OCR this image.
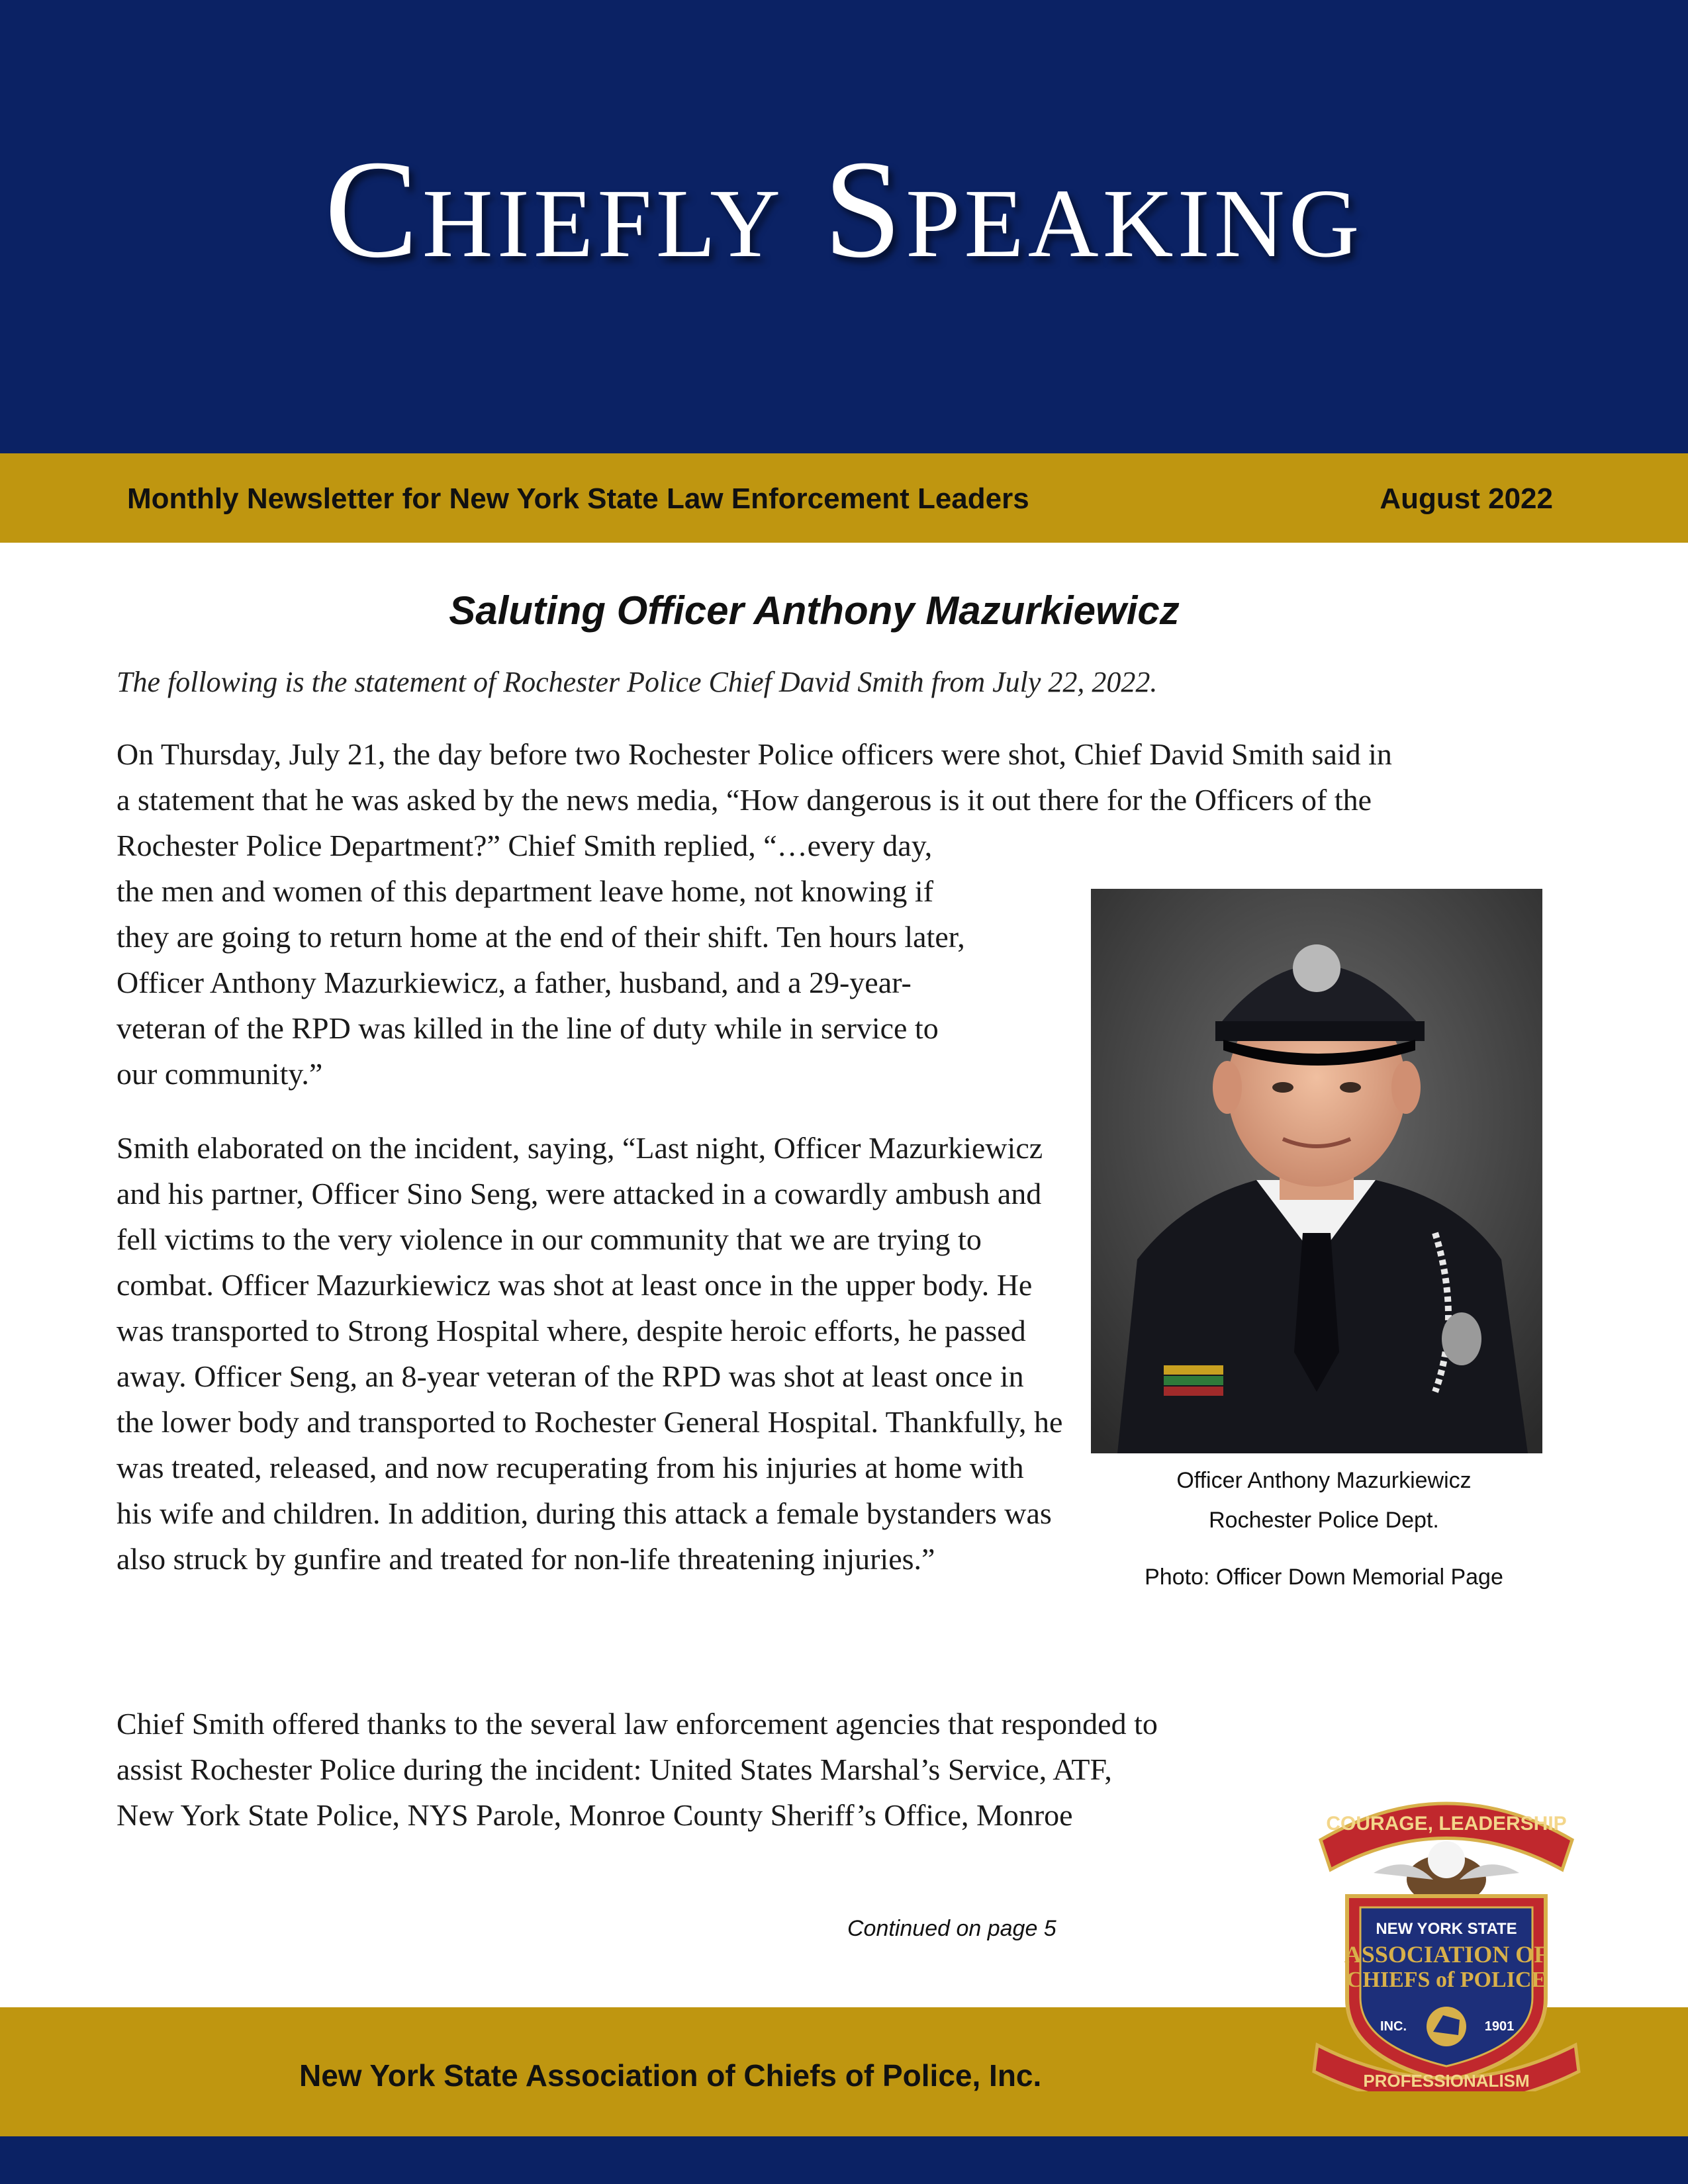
Chiefly Speaking
Monthly Newsletter for New York State Law Enforcement Leaders	August 2022
Saluting Officer Anthony Mazurkiewicz
The following is the statement of Rochester Police Chief David Smith from July 22, 2022.

On Thursday, July 21, the day before two Rochester Police officers were shot, Chief David Smith said in
a statement that he was asked by the news media, “How dangerous is it out there for the Officers of the
Rochester Police Department?” Chief Smith replied, “…every day,
the men and women of this department leave home, not knowing if
they are going to return home at the end of their shift. Ten hours later,
Officer Anthony Mazurkiewicz, a father, husband, and a 29-year-
veteran of the RPD was killed in the line of duty while in service to
our community.”

Smith elaborated on the incident, saying, “Last night, Officer Mazurkiewicz and his partner, Officer Sino Seng, were attacked in a cowardly ambush and fell victims to the very violence in our community that we are trying to combat. Officer Mazurkiewicz was shot at least once in the upper body. He was transported to Strong Hospital where, despite heroic efforts, he passed away. Officer Seng, an 8-year veteran of the RPD was shot at least once in the lower body and transported to Rochester General Hospital. Thankfully, he was treated, released, and now recuperating from his injuries at home with his wife and children. In addition, during this attack a female bystanders was also struck by gunfire and treated for non-life threatening injuries.”

Chief Smith offered thanks to the several law enforcement agencies that responded to
assist Rochester Police during the incident: United States Marshal’s Service, ATF,
New York State Police, NYS Parole, Monroe County Sheriff’s Office, Monroe

Officer Anthony Mazurkiewicz
Rochester Police Dept.
Photo: Officer Down Memorial Page
Continued on page 5
New York State Association of Chiefs of Police, Inc.
COURAGE, LEADERSHIP
NEW YORK STATE
ASSOCIATION OF
CHIEFS of POLICE
INC.	1901
PROFESSIONALISM
